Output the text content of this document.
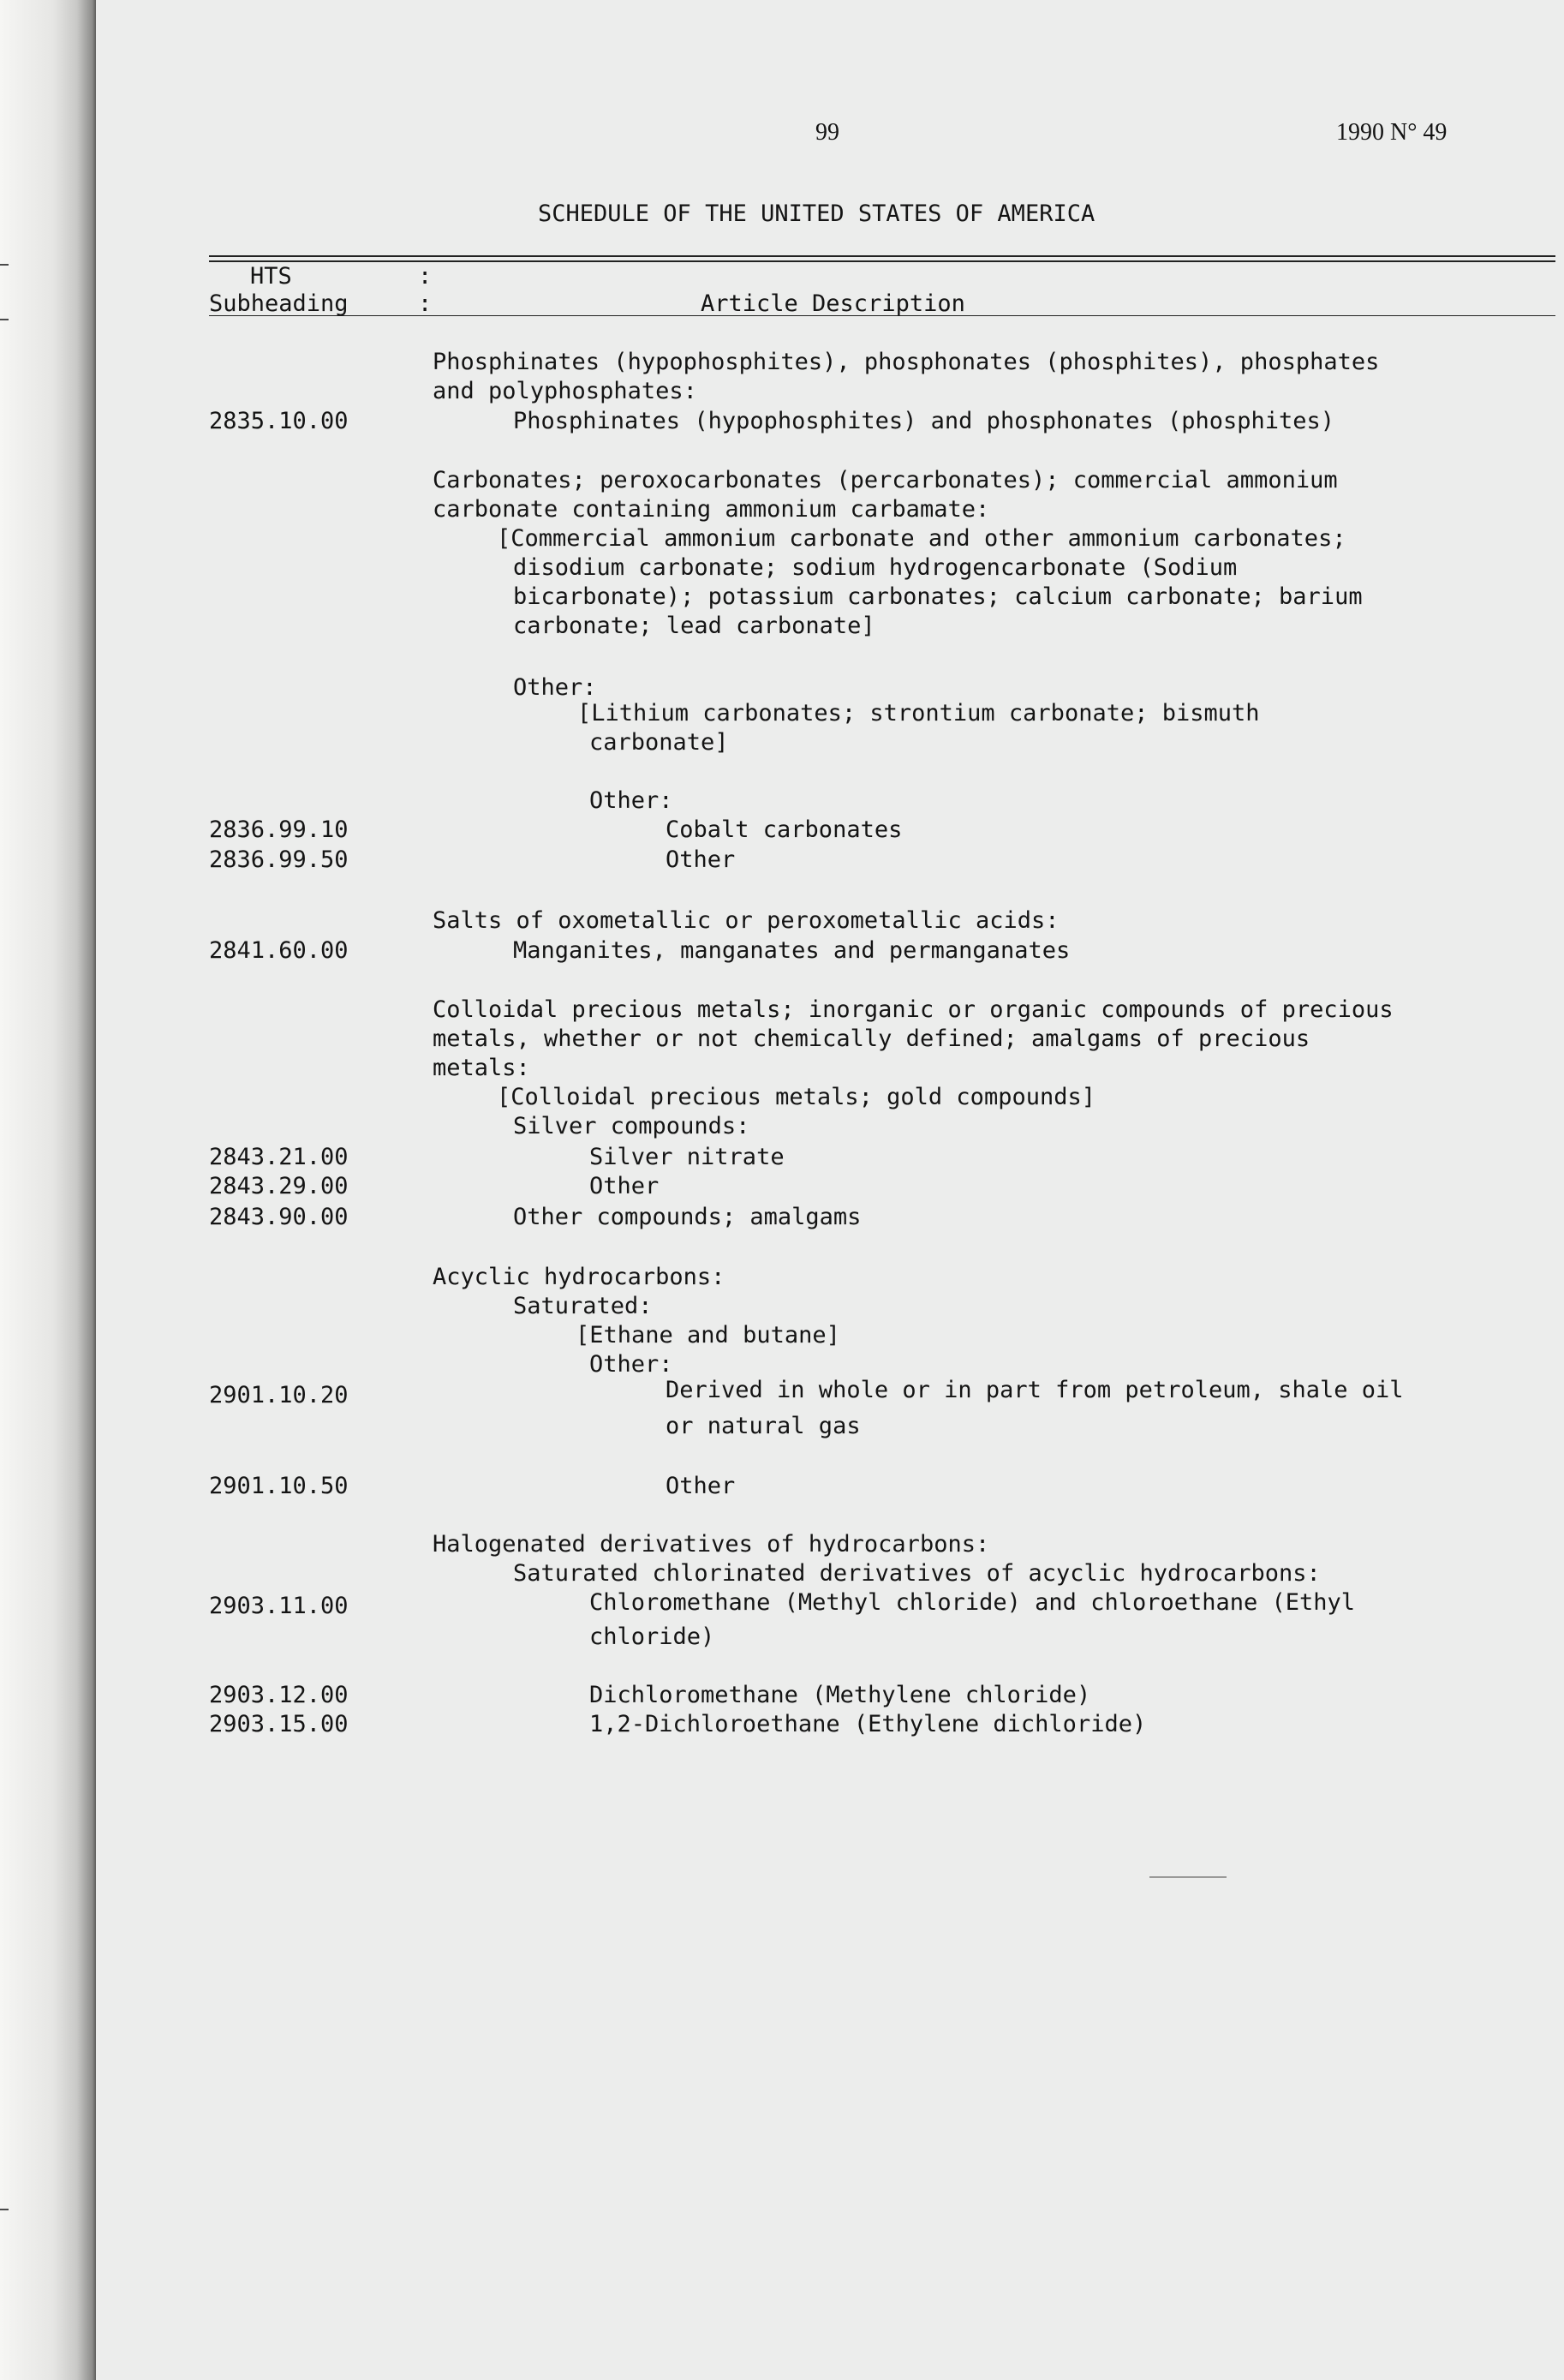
99	1990 N° 49
SCHEDULE OF THE UNITED STATES OF AMERICA
HTS	:
Subheading	:	Article Description
Phosphinates (hypophosphites), phosphonates (phosphites), phosphates
and polyphosphates:
2835.10.00	Phosphinates (hypophosphites) and phosphonates (phosphites)
Carbonates; peroxocarbonates (percarbonates); commercial ammonium
carbonate containing ammonium carbamate:
[Commercial ammonium carbonate and other ammonium carbonates;
disodium carbonate; sodium hydrogencarbonate (Sodium
bicarbonate); potassium carbonates; calcium carbonate; barium
carbonate; lead carbonate]
Other:
[Lithium carbonates; strontium carbonate; bismuth
carbonate]
Other:
2836.99.10	Cobalt carbonates
2836.99.50	Other
Salts of oxometallic or peroxometallic acids:
2841.60.00	Manganites, manganates and permanganates
Colloidal precious metals; inorganic or organic compounds of precious
metals, whether or not chemically defined; amalgams of precious
metals:
[Colloidal precious metals; gold compounds]
Silver compounds:
2843.21.00	Silver nitrate
2843.29.00	Other
2843.90.00	Other compounds; amalgams
Acyclic hydrocarbons:
Saturated:
[Ethane and butane]
Other:
2901.10.20	Derived in whole or in part from petroleum, shale oil
or natural gas
2901.10.50	Other
Halogenated derivatives of hydrocarbons:
Saturated chlorinated derivatives of acyclic hydrocarbons:
2903.11.00	Chloromethane (Methyl chloride) and chloroethane (Ethyl
chloride)
2903.12.00	Dichloromethane (Methylene chloride)
2903.15.00	1,2-Dichloroethane (Ethylene dichloride)
